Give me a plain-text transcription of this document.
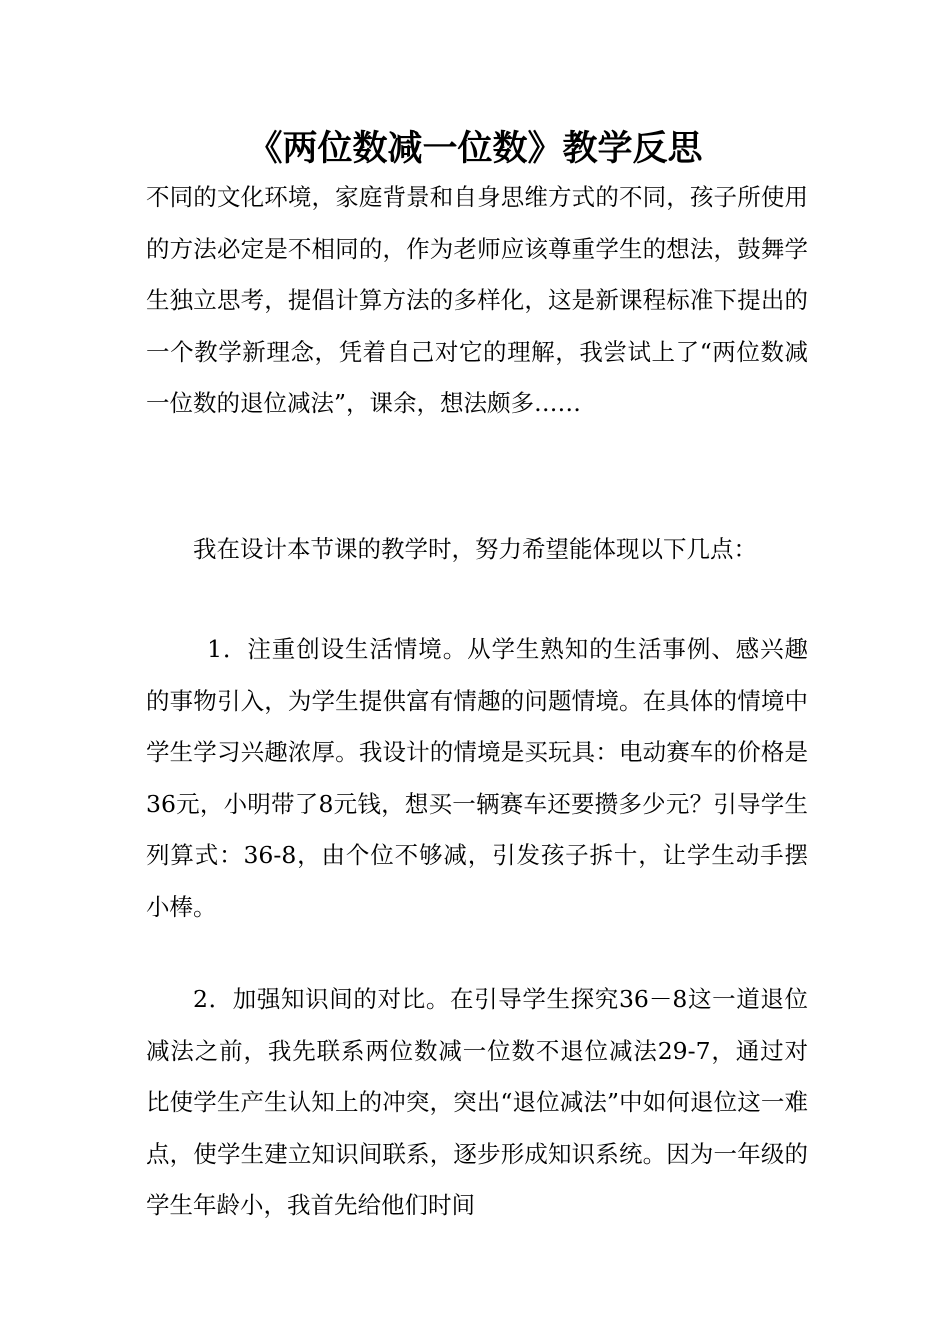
《两位数减一位数》教学反思

不同的文化环境，家庭背景和自身思维方式的不同，孩子所使用的方法必定是不相同的，作为老师应该尊重学生的想法，鼓舞学生独立思考，提倡计算方法的多样化，这是新课程标准下提出的一个教学新理念，凭着自己对它的理解，我尝试上了“两位数减一位数的退位减法”，课余，想法颇多……

我在设计本节课的教学时，努力希望能体现以下几点：

1．注重创设生活情境。从学生熟知的生活事例、感兴趣的事物引入，为学生提供富有情趣的问题情境。在具体的情境中学生学习兴趣浓厚。我设计的情境是买玩具：电动赛车的价格是36元，小明带了8元钱，想买一辆赛车还要攒多少元？引导学生列算式：36-8，由个位不够减，引发孩子拆十，让学生动手摆小棒。

2．加强知识间的对比。在引导学生探究36－8这一道退位减法之前，我先联系两位数减一位数不退位减法29-7，通过对比使学生产生认知上的冲突，突出“退位减法”中如何退位这一难点，使学生建立知识间联系，逐步形成知识系统。因为一年级的学生年龄小，我首先给他们时间
